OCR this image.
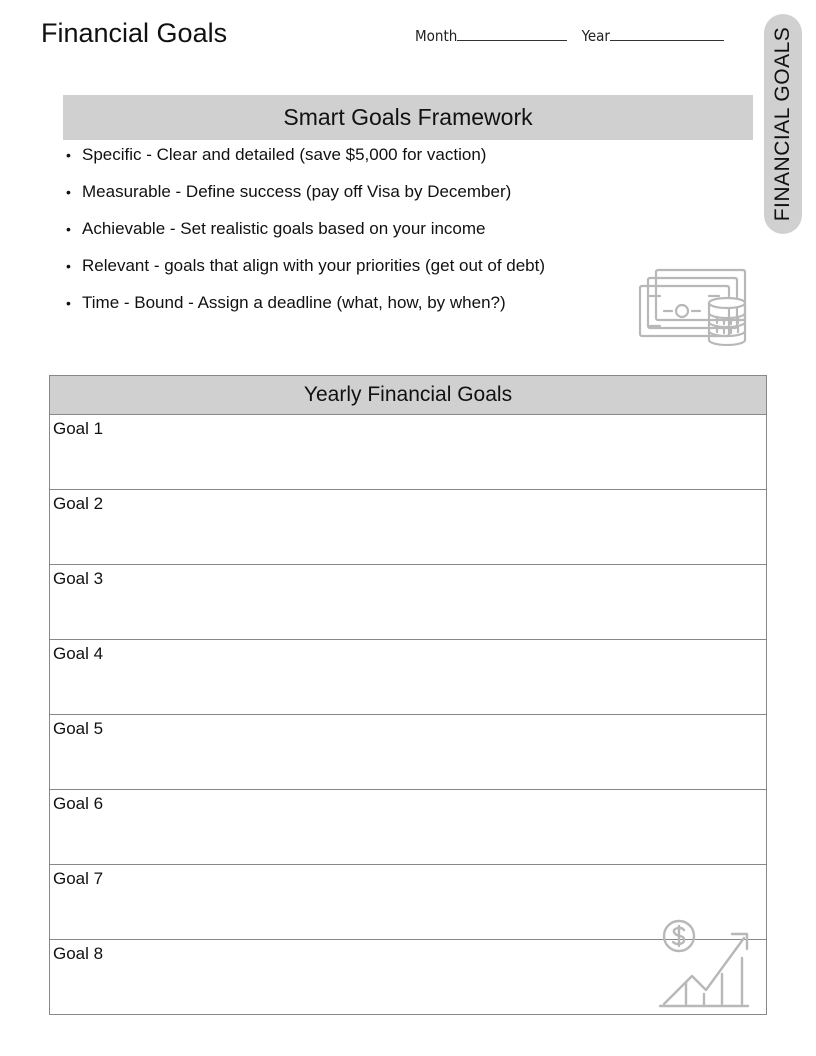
Financial Goals	Month	Year	FINANCIAL GOALS
Smart Goals Framework
• Specific - Clear and detailed (save $5,000 for vaction)
• Measurable - Define success (pay off Visa by December)
• Achievable - Set realistic goals based on your income
• Relevant - goals that align with your priorities (get out of debt)
• Time - Bound - Assign a deadline (what, how, by when?)
Yearly Financial Goals
Goal 1
Goal 2
Goal 3
Goal 4
Goal 5
Goal 6
Goal 7
Goal 8
